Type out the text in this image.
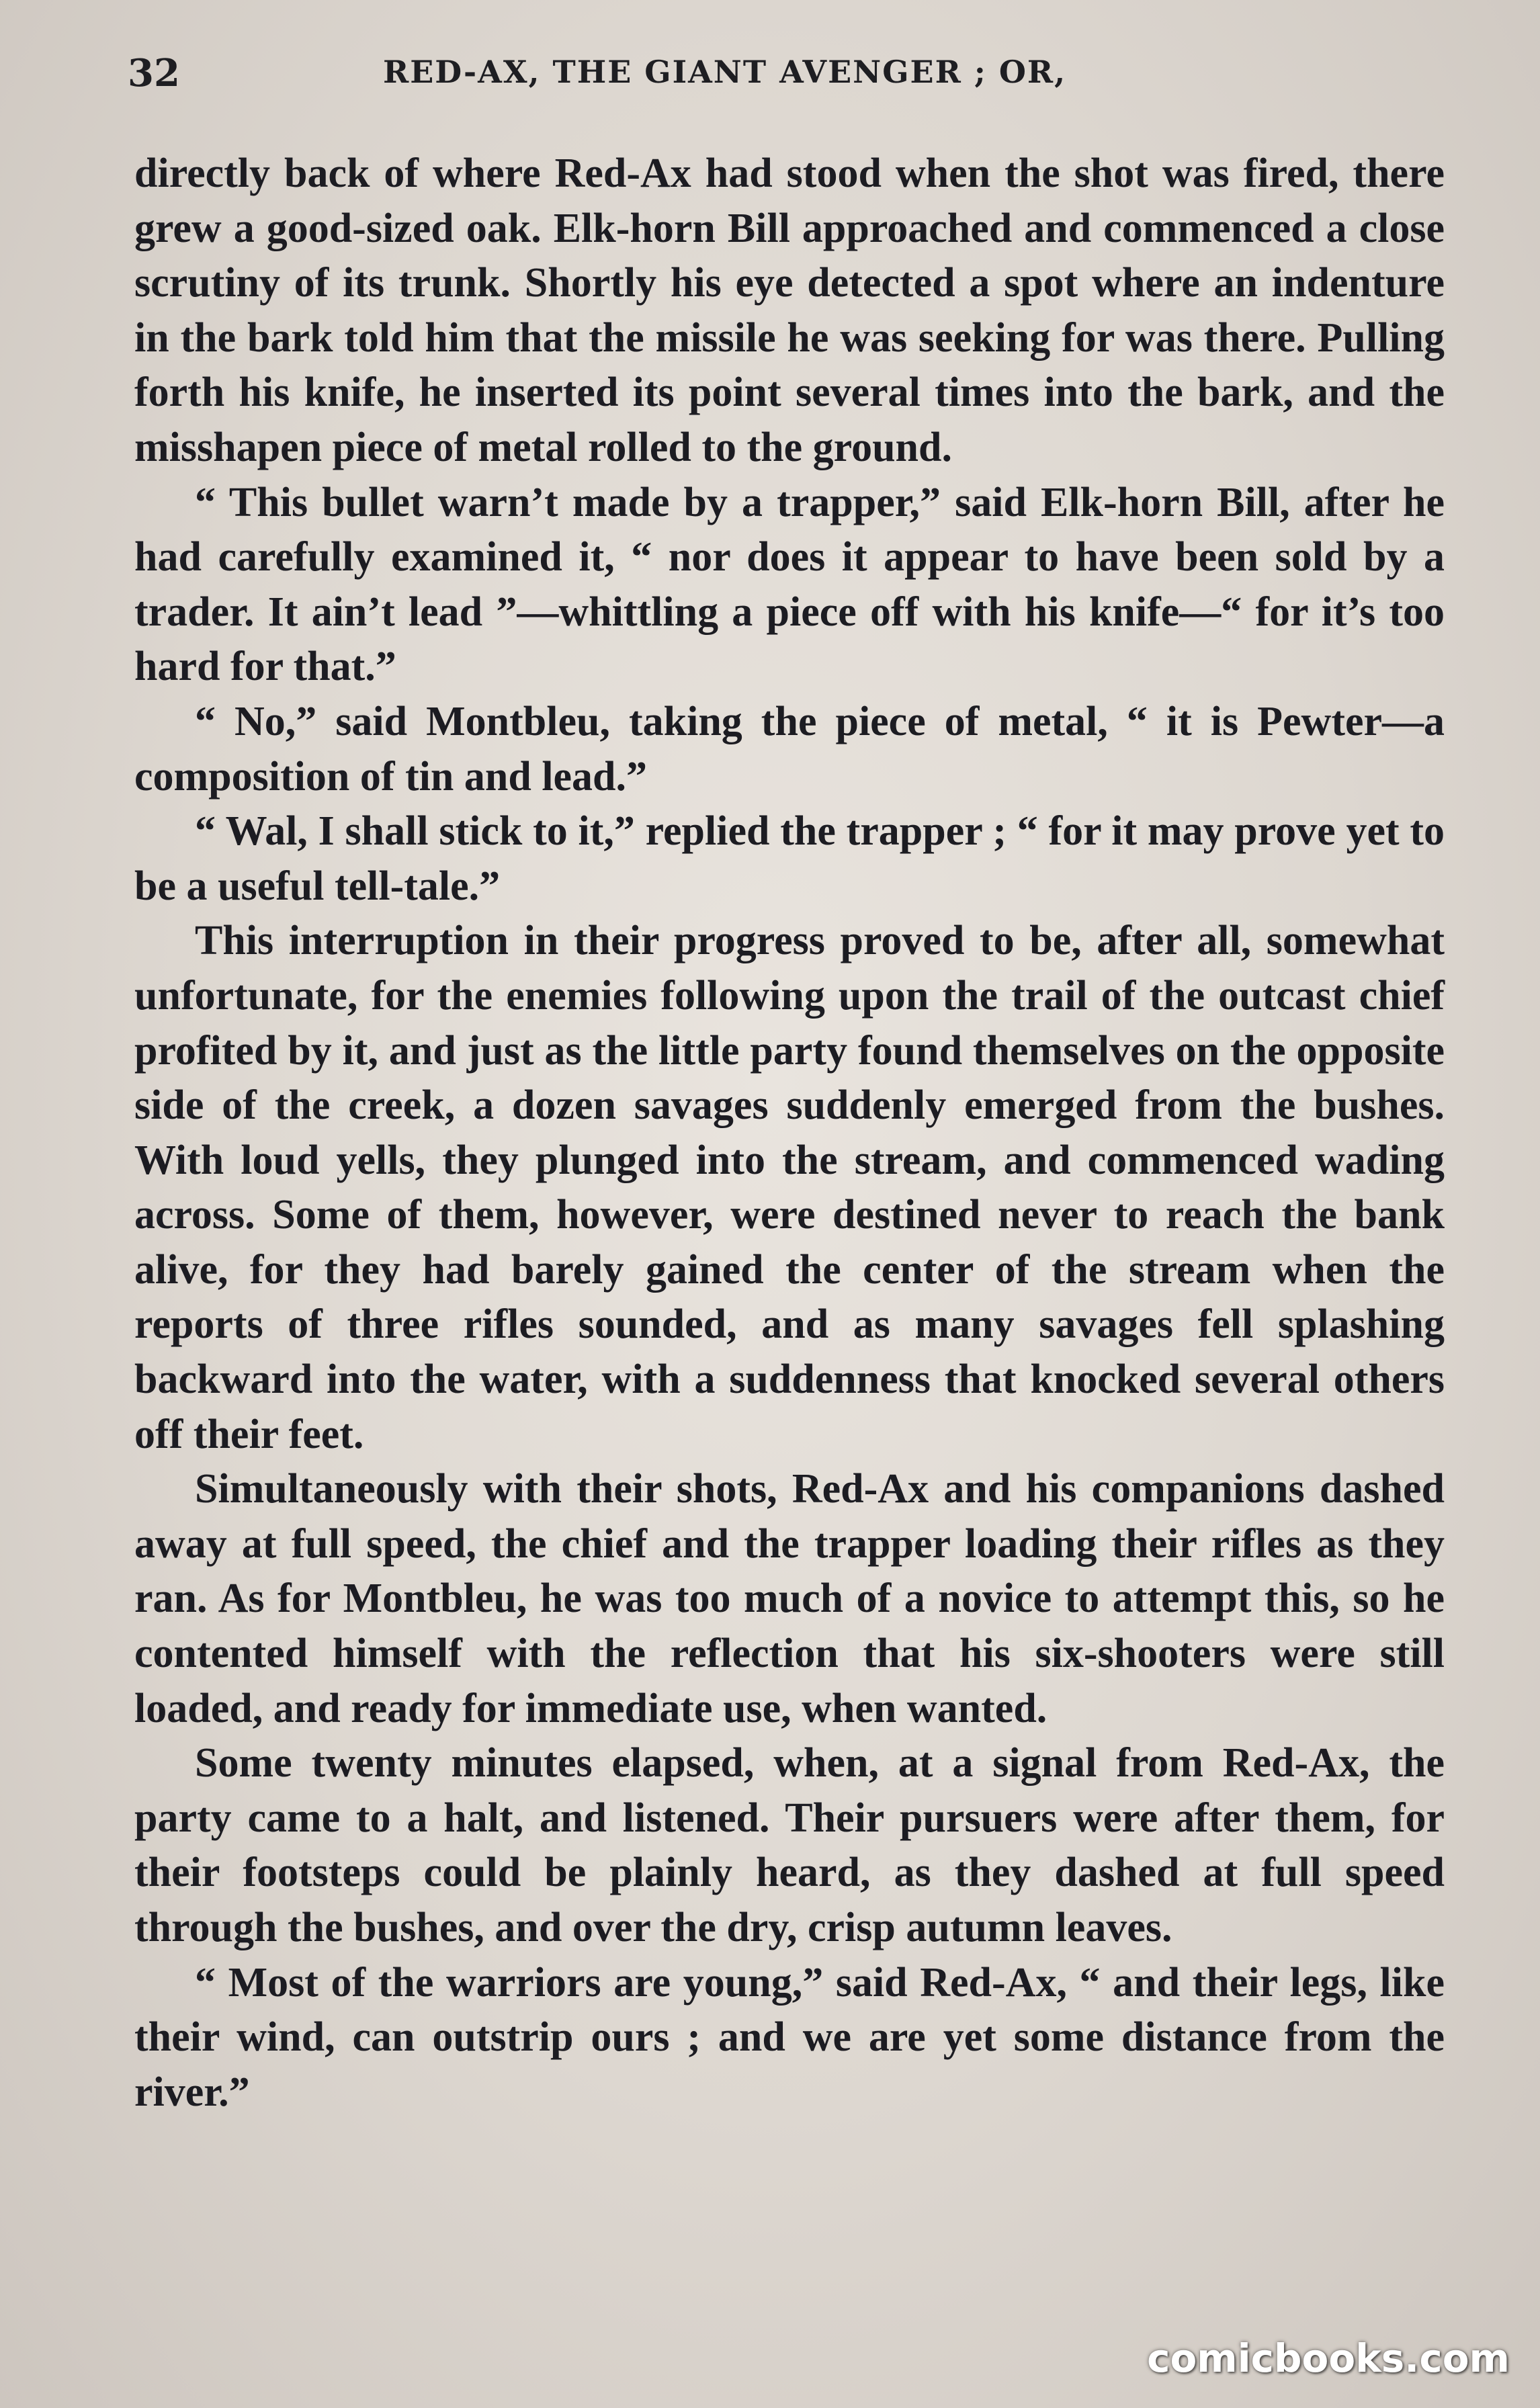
32	RED-AX, THE GIANT AVENGER ; OR,

directly back of where Red-Ax had stood when the shot was fired, there grew a good-sized oak. Elk-horn Bill approached and commenced a close scrutiny of its trunk. Shortly his eye detected a spot where an indenture in the bark told him that the missile he was seeking for was there. Pulling forth his knife, he inserted its point several times into the bark, and the misshapen piece of metal rolled to the ground.

“ This bullet warn’t made by a trapper,” said Elk-horn Bill, after he had carefully examined it, “ nor does it appear to have been sold by a trader. It ain’t lead ”—whittling a piece off with his knife—“ for it’s too hard for that.”

“ No,” said Montbleu, taking the piece of metal, “ it is Pewter—a composition of tin and lead.”

“ Wal, I shall stick to it,” replied the trapper ; “ for it may prove yet to be a useful tell-tale.”

This interruption in their progress proved to be, after all, somewhat unfortunate, for the enemies following upon the trail of the outcast chief profited by it, and just as the little party found themselves on the opposite side of the creek, a dozen savages suddenly emerged from the bushes. With loud yells, they plunged into the stream, and commenced wading across. Some of them, however, were destined never to reach the bank alive, for they had barely gained the center of the stream when the reports of three rifles sounded, and as many savages fell splashing backward into the water, with a suddenness that knocked several others off their feet.

Simultaneously with their shots, Red-Ax and his companions dashed away at full speed, the chief and the trapper loading their rifles as they ran. As for Montbleu, he was too much of a novice to attempt this, so he contented himself with the reflection that his six-shooters were still loaded, and ready for immediate use, when wanted.

Some twenty minutes elapsed, when, at a signal from Red-Ax, the party came to a halt, and listened. Their pursuers were after them, for their footsteps could be plainly heard, as they dashed at full speed through the bushes, and over the dry, crisp autumn leaves.

“ Most of the warriors are young,” said Red-Ax, “ and their legs, like their wind, can outstrip ours ; and we are yet some distance from the river.”

comicbooks.com
